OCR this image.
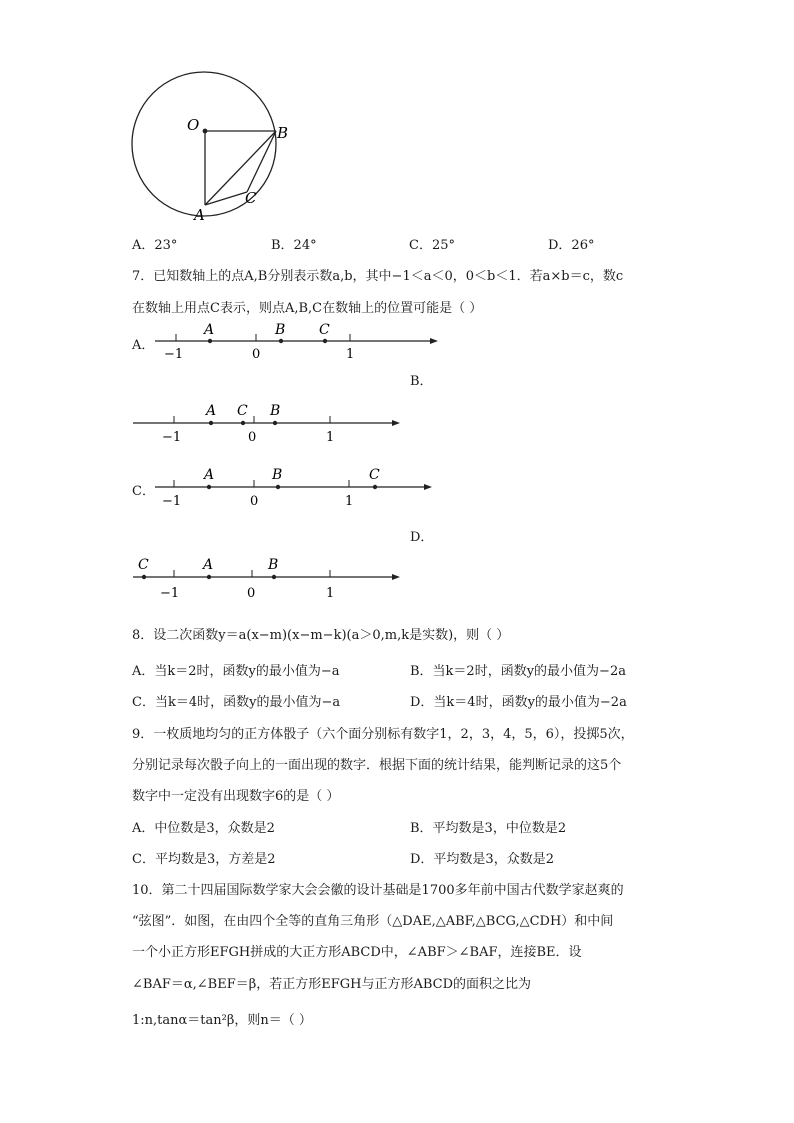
O	B
C
A
A．23°	B．24°	C．25°	D．26°
7．已知数轴上的点A,B分别表示数a,b，其中−1＜a＜0，0＜b＜1．若a×b＝c，数c
在数轴上用点C表示，则点A,B,C在数轴上的位置可能是（ ）
A．
−1	0	1
A	B C
B．
−1	0	1
A C B
C．
−1	0	1
A	B	C
D．
−1	0	1
C	A	B
8．设二次函数y＝a(x−m)(x−m−k)(a＞0,m,k是实数)，则（ ）
A．当k＝2时，函数y的最小值为−a	B．当k＝2时，函数y的最小值为−2a
C．当k＝4时，函数y的最小值为−a	D．当k＝4时，函数y的最小值为−2a
9．一枚质地均匀的正方体骰子（六个面分别标有数字1，2，3，4，5，6），投掷5次，
分别记录每次骰子向上的一面出现的数字．根据下面的统计结果，能判断记录的这5个
数字中一定没有出现数字6的是（ ）
A．中位数是3，众数是2	B．平均数是3，中位数是2
C．平均数是3，方差是2	D．平均数是3，众数是2
10．第二十四届国际数学家大会会徽的设计基础是1700多年前中国古代数学家赵爽的
“弦图”．如图，在由四个全等的直角三角形（△DAE,△ABF,△BCG,△CDH）和中间
一个小正方形EFGH拼成的大正方形ABCD中，∠ABF＞∠BAF，连接BE．设
∠BAF＝α,∠BEF＝β，若正方形EFGH与正方形ABCD的面积之比为
1:n,tanα＝tan²β，则n＝（ ）
